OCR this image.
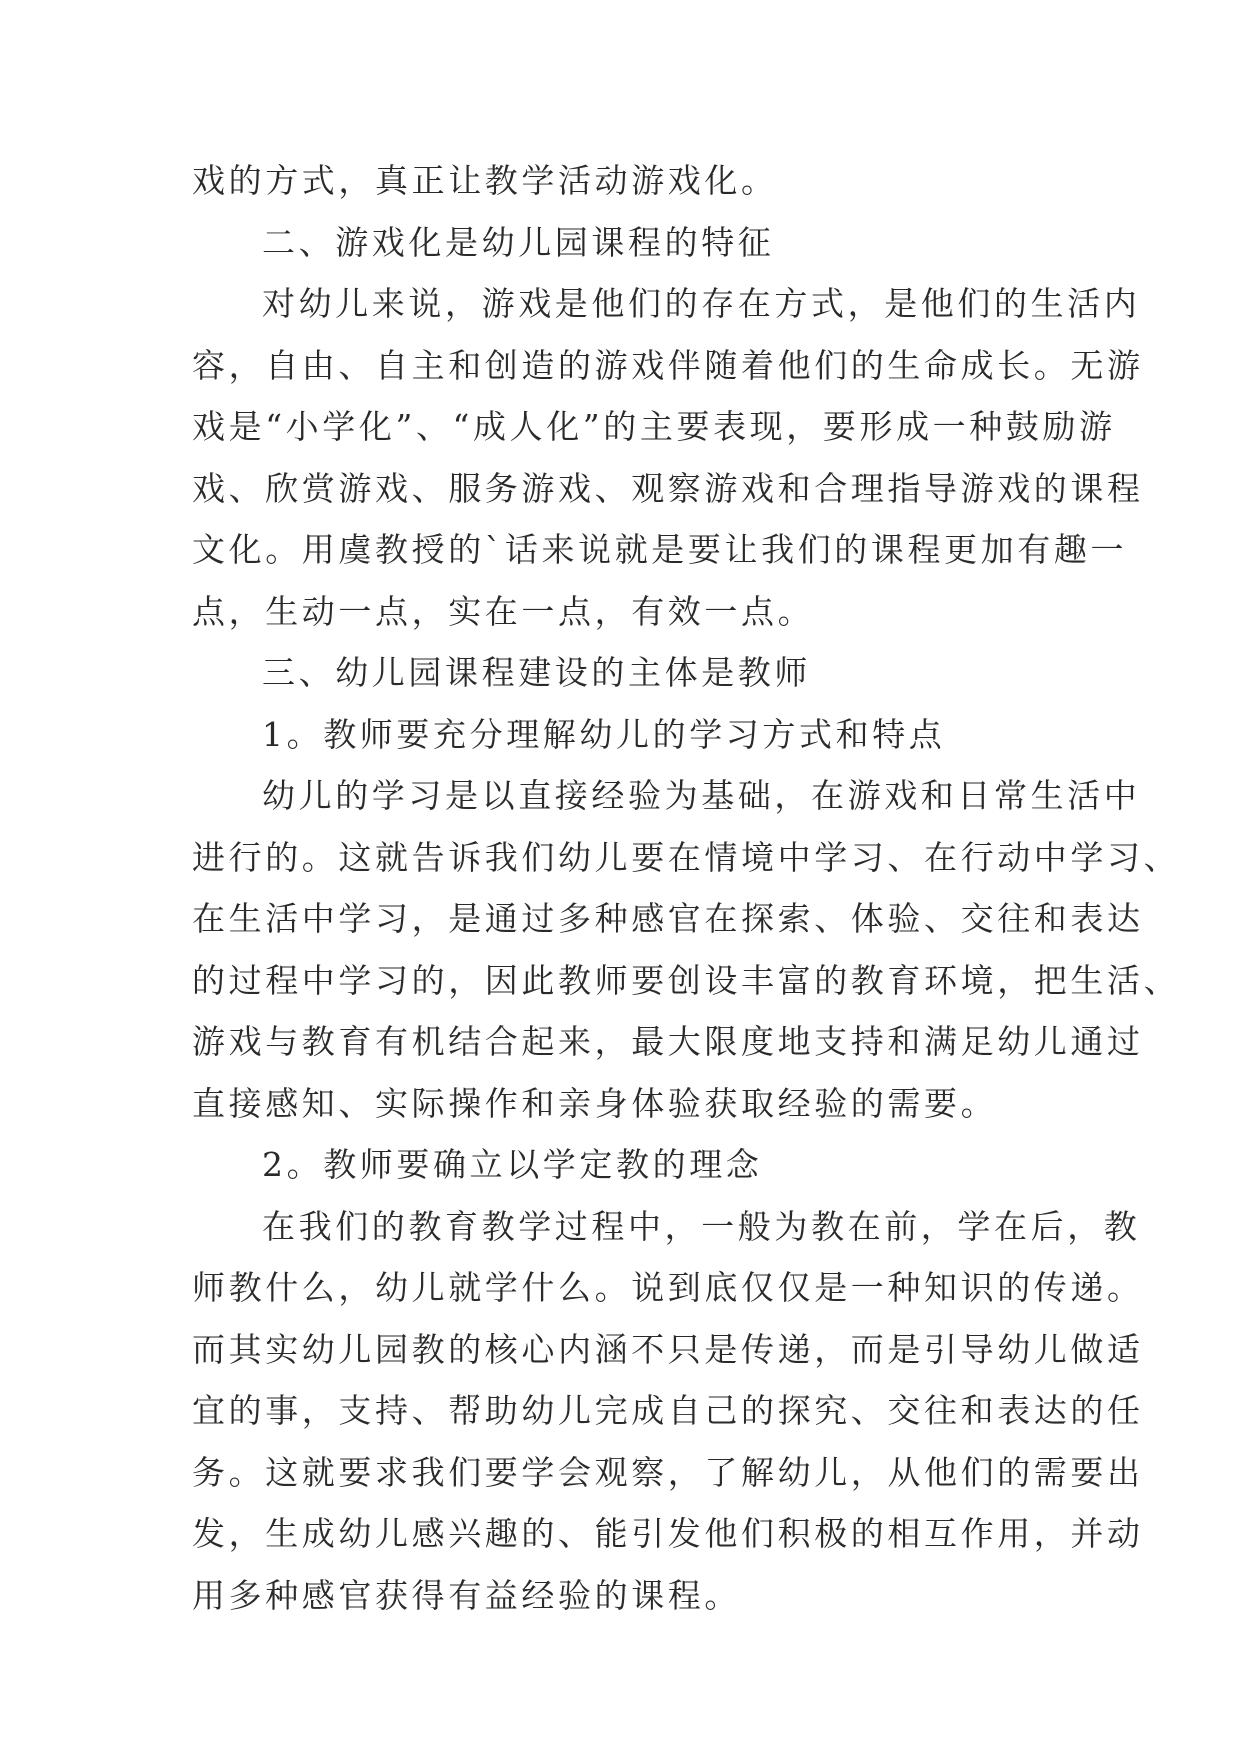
戏的方式，真正让教学活动游戏化。
二、游戏化是幼儿园课程的特征
对幼儿来说，游戏是他们的存在方式，是他们的生活内
容，自由、自主和创造的游戏伴随着他们的生命成长。无游
戏是“小学化”、“成人化”的主要表现，要形成一种鼓励游
戏、欣赏游戏、服务游戏、观察游戏和合理指导游戏的课程
文化。用虞教授的`话来说就是要让我们的课程更加有趣一
点，生动一点，实在一点，有效一点。
三、幼儿园课程建设的主体是教师
1。教师要充分理解幼儿的学习方式和特点
幼儿的学习是以直接经验为基础，在游戏和日常生活中
进行的。这就告诉我们幼儿要在情境中学习、在行动中学习、
在生活中学习，是通过多种感官在探索、体验、交往和表达
的过程中学习的，因此教师要创设丰富的教育环境，把生活、
游戏与教育有机结合起来，最大限度地支持和满足幼儿通过
直接感知、实际操作和亲身体验获取经验的需要。
2。教师要确立以学定教的理念
在我们的教育教学过程中，一般为教在前，学在后，教
师教什么，幼儿就学什么。说到底仅仅是一种知识的传递。
而其实幼儿园教的核心内涵不只是传递，而是引导幼儿做适
宜的事，支持、帮助幼儿完成自己的探究、交往和表达的任
务。这就要求我们要学会观察，了解幼儿，从他们的需要出
发，生成幼儿感兴趣的、能引发他们积极的相互作用，并动
用多种感官获得有益经验的课程。
